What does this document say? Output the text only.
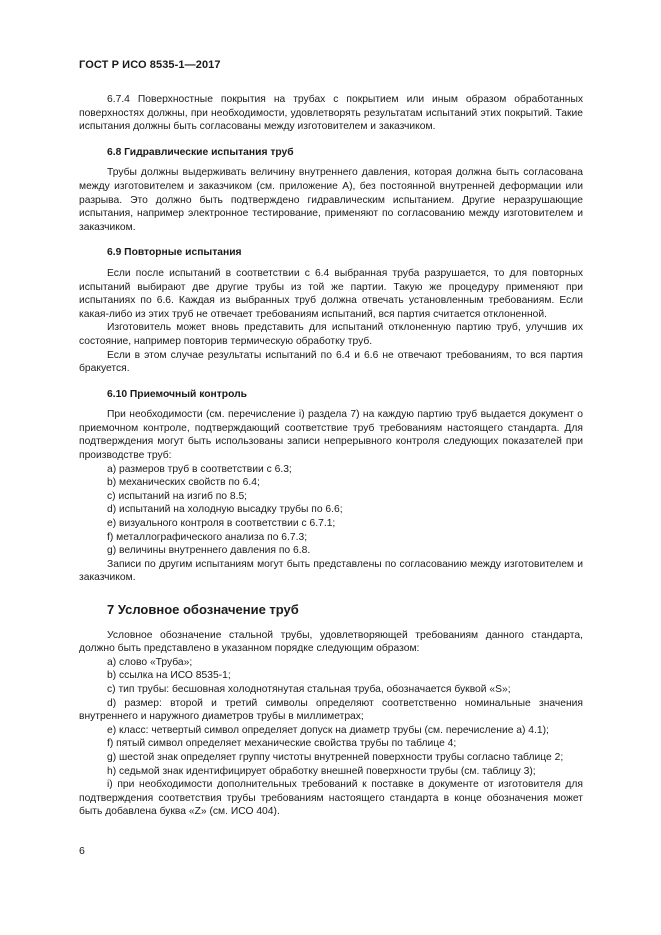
ГОСТ Р ИСО 8535-1—2017

6.7.4 Поверхностные покрытия на трубах с покрытием или иным образом обработанных поверхностях должны, при необходимости, удовлетворять результатам испытаний этих покрытий. Такие испытания должны быть согласованы между изготовителем и заказчиком.

6.8 Гидравлические испытания труб

Трубы должны выдерживать величину внутреннего давления, которая должна быть согласована между изготовителем и заказчиком (см. приложение А), без постоянной внутренней деформации или разрыва. Это должно быть подтверждено гидравлическим испытанием. Другие неразрушающие испытания, например электронное тестирование, применяют по согласованию между изготовителем и заказчиком.

6.9 Повторные испытания

Если после испытаний в соответствии с 6.4 выбранная труба разрушается, то для повторных испытаний выбирают две другие трубы из той же партии. Такую же процедуру применяют при испытаниях по 6.6. Каждая из выбранных труб должна отвечать установленным требованиям. Если какая-либо из этих труб не отвечает требованиям испытаний, вся партия считается отклоненной.

Изготовитель может вновь представить для испытаний отклоненную партию труб, улучшив их состояние, например повторив термическую обработку труб.

Если в этом случае результаты испытаний по 6.4 и 6.6 не отвечают требованиям, то вся партия бракуется.

6.10 Приемочный контроль

При необходимости (см. перечисление i) раздела 7) на каждую партию труб выдается документ о приемочном контроле, подтверждающий соответствие труб требованиям настоящего стандарта. Для подтверждения могут быть использованы записи непрерывного контроля следующих показателей при производстве труб:

a) размеров труб в соответствии с 6.3;

b) механических свойств по 6.4;

c) испытаний на изгиб по 8.5;

d) испытаний на холодную высадку трубы по 6.6;

e) визуального контроля в соответствии с 6.7.1;

f) металлографического анализа по 6.7.3;

g) величины внутреннего давления по 6.8.

Записи по другим испытаниям могут быть представлены по согласованию между изготовителем и заказчиком.

7 Условное обозначение труб

Условное обозначение стальной трубы, удовлетворяющей требованиям данного стандарта, должно быть представлено в указанном порядке следующим образом:

a) слово «Труба»;

b) ссылка на ИСО 8535-1;

c) тип трубы: бесшовная холоднотянутая стальная труба, обозначается буквой «S»;

d) размер: второй и третий символы определяют соответственно номинальные значения внутреннего и наружного диаметров трубы в миллиметрах;

e) класс: четвертый символ определяет допуск на диаметр трубы (см. перечисление а) 4.1);

f) пятый символ определяет механические свойства трубы по таблице 4;

g) шестой знак определяет группу чистоты внутренней поверхности трубы согласно таблице 2;

h) седьмой знак идентифицирует обработку внешней поверхности трубы (см. таблицу 3);

i) при необходимости дополнительных требований к поставке в документе от изготовителя для подтверждения соответствия трубы требованиям настоящего стандарта в конце обозначения может быть добавлена буква «Z» (см. ИСО 404).

6
